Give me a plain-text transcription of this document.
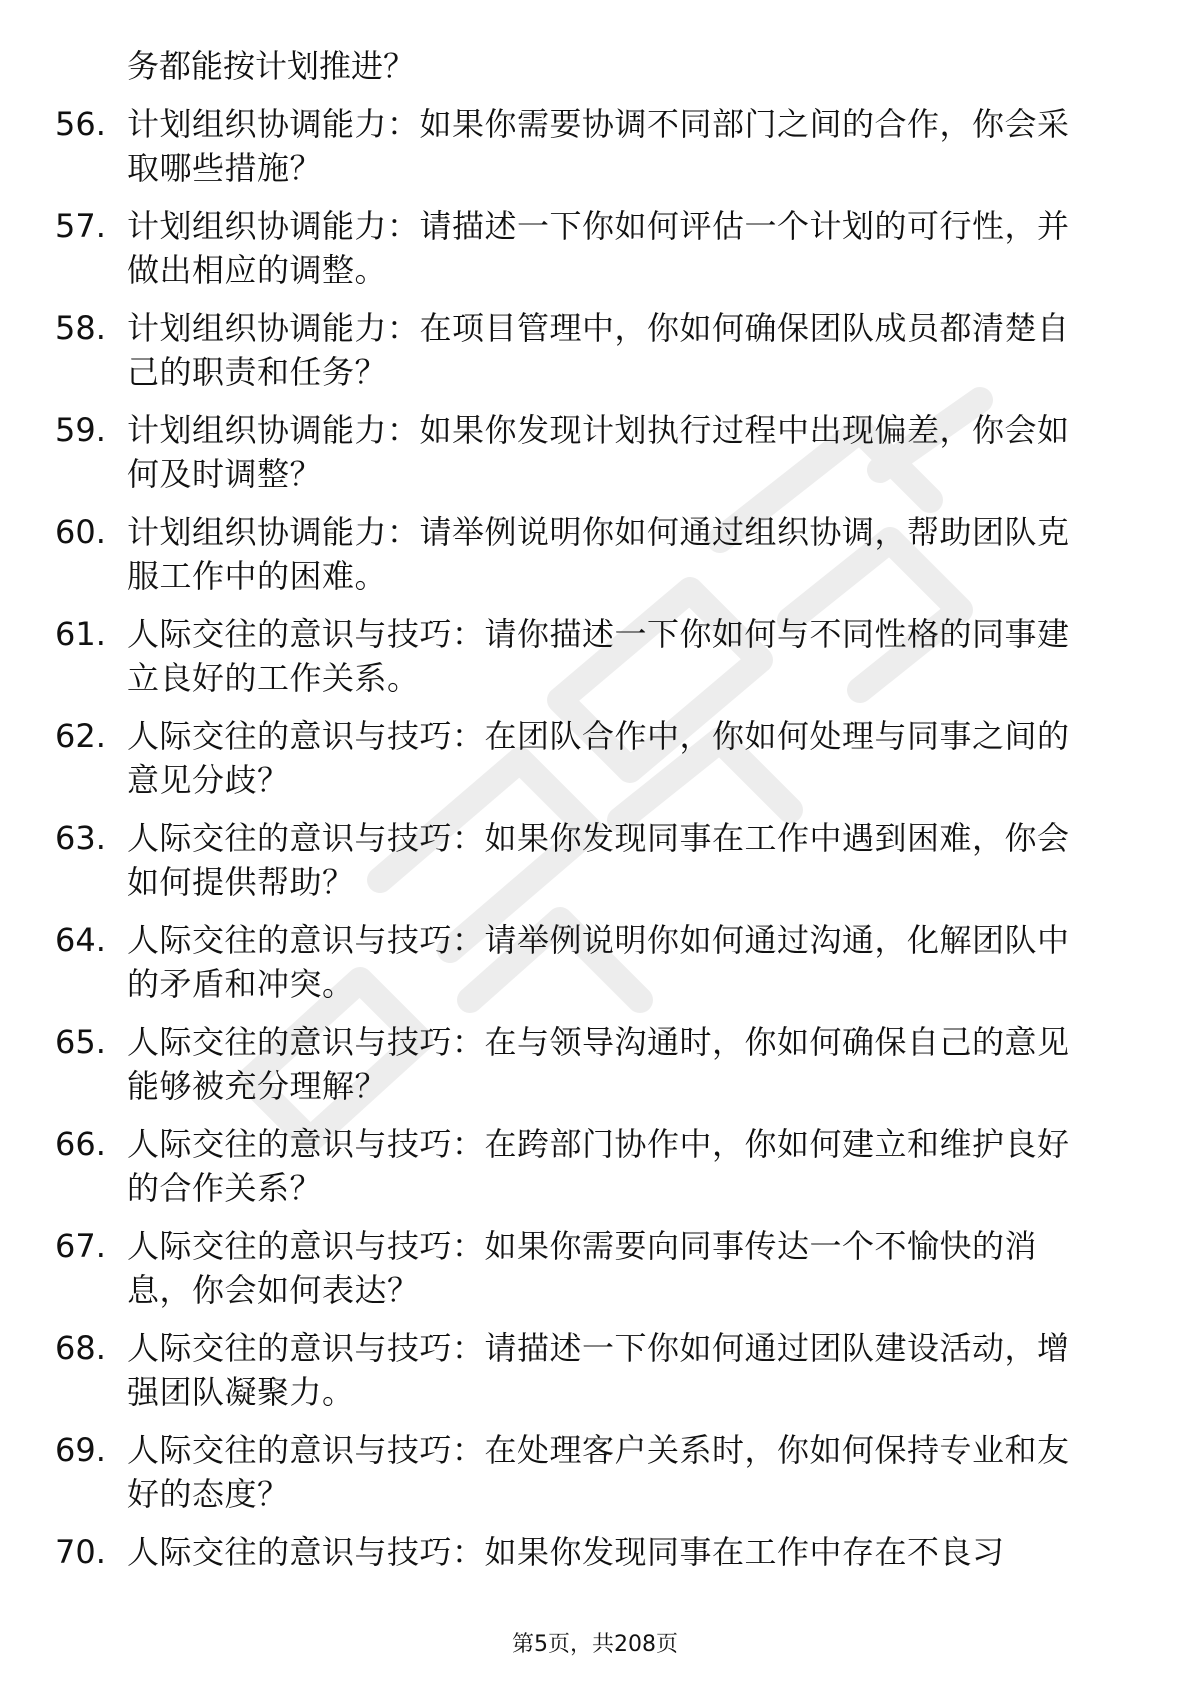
务都能按计划推进？
56. 计划组织协调能力：如果你需要协调不同部门之间的合作，你会采取哪些措施？
57. 计划组织协调能力：请描述一下你如何评估一个计划的可行性，并做出相应的调整。
58. 计划组织协调能力：在项目管理中，你如何确保团队成员都清楚自己的职责和任务？
59. 计划组织协调能力：如果你发现计划执行过程中出现偏差，你会如何及时调整？
60. 计划组织协调能力：请举例说明你如何通过组织协调，帮助团队克服工作中的困难。
61. 人际交往的意识与技巧：请你描述一下你如何与不同性格的同事建立良好的工作关系。
62. 人际交往的意识与技巧：在团队合作中，你如何处理与同事之间的意见分歧？
63. 人际交往的意识与技巧：如果你发现同事在工作中遇到困难，你会如何提供帮助？
64. 人际交往的意识与技巧：请举例说明你如何通过沟通，化解团队中的矛盾和冲突。
65. 人际交往的意识与技巧：在与领导沟通时，你如何确保自己的意见能够被充分理解？
66. 人际交往的意识与技巧：在跨部门协作中，你如何建立和维护良好的合作关系？
67. 人际交往的意识与技巧：如果你需要向同事传达一个不愉快的消息，你会如何表达？
68. 人际交往的意识与技巧：请描述一下你如何通过团队建设活动，增强团队凝聚力。
69. 人际交往的意识与技巧：在处理客户关系时，你如何保持专业和友好的态度？
70. 人际交往的意识与技巧：如果你发现同事在工作中存在不良习
第5页，共208页
